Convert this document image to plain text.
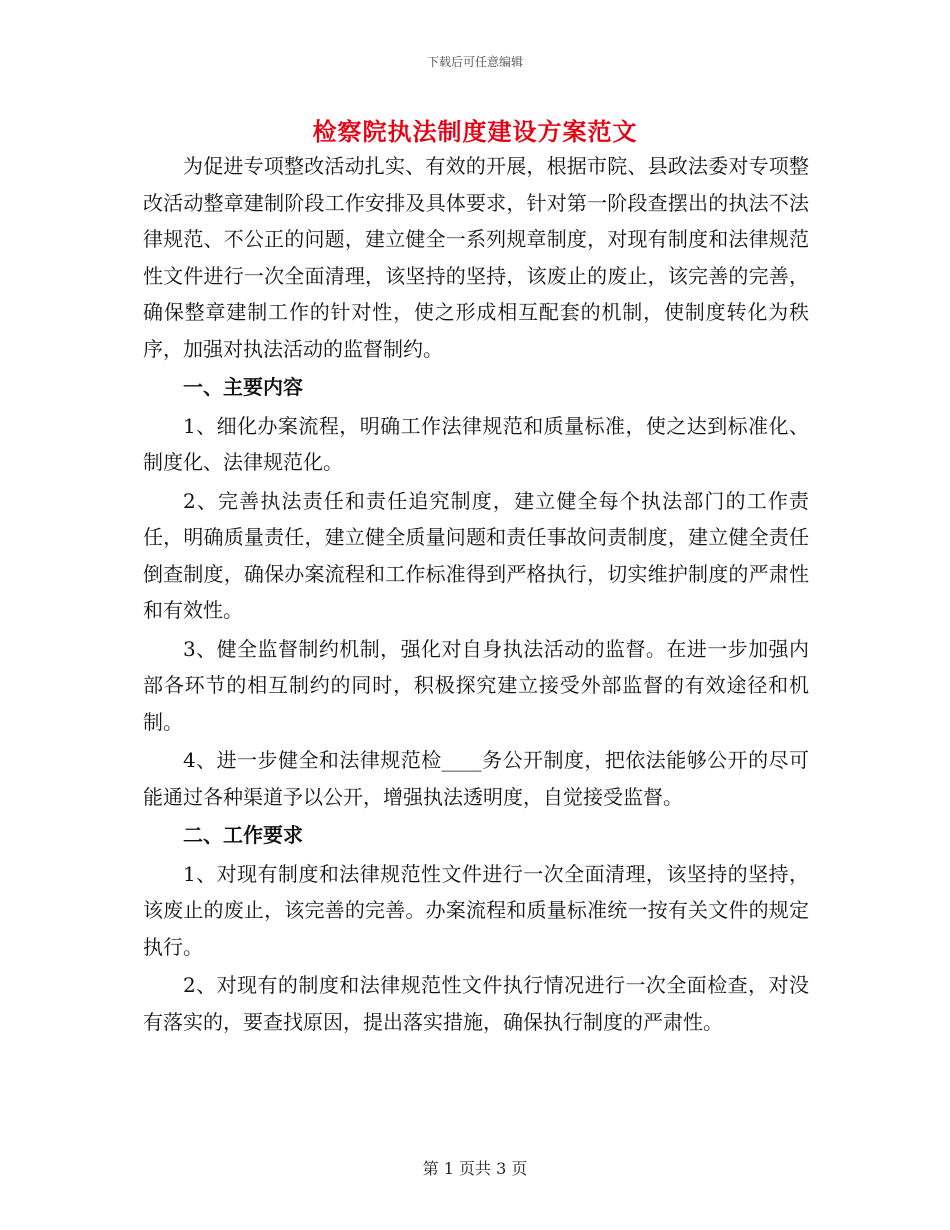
下载后可任意编辑
检察院执法制度建设方案范文

为促进专项整改活动扎实、有效的开展，根据市院、县政法委对专项整改活动整章建制阶段工作安排及具体要求，针对第一阶段查摆出的执法不法律规范、不公正的问题，建立健全一系列规章制度，对现有制度和法律规范性文件进行一次全面清理，该坚持的坚持，该废止的废止，该完善的完善，确保整章建制工作的针对性，使之形成相互配套的机制，使制度转化为秩序，加强对执法活动的监督制约。

一、主要内容

1、细化办案流程，明确工作法律规范和质量标准，使之达到标准化、制度化、法律规范化。

2、完善执法责任和责任追究制度，建立健全每个执法部门的工作责任，明确质量责任，建立健全质量问题和责任事故问责制度，建立健全责任倒查制度，确保办案流程和工作标准得到严格执行，切实维护制度的严肃性和有效性。

3、健全监督制约机制，强化对自身执法活动的监督。在进一步加强内部各环节的相互制约的同时，积极探究建立接受外部监督的有效途径和机制。

4、进一步健全和法律规范检____务公开制度，把依法能够公开的尽可能通过各种渠道予以公开，增强执法透明度，自觉接受监督。

二、工作要求

1、对现有制度和法律规范性文件进行一次全面清理，该坚持的坚持，该废止的废止，该完善的完善。办案流程和质量标准统一按有关文件的规定执行。

2、对现有的制度和法律规范性文件执行情况进行一次全面检查，对没有落实的，要查找原因，提出落实措施，确保执行制度的严肃性。

第 1 页共 3 页
